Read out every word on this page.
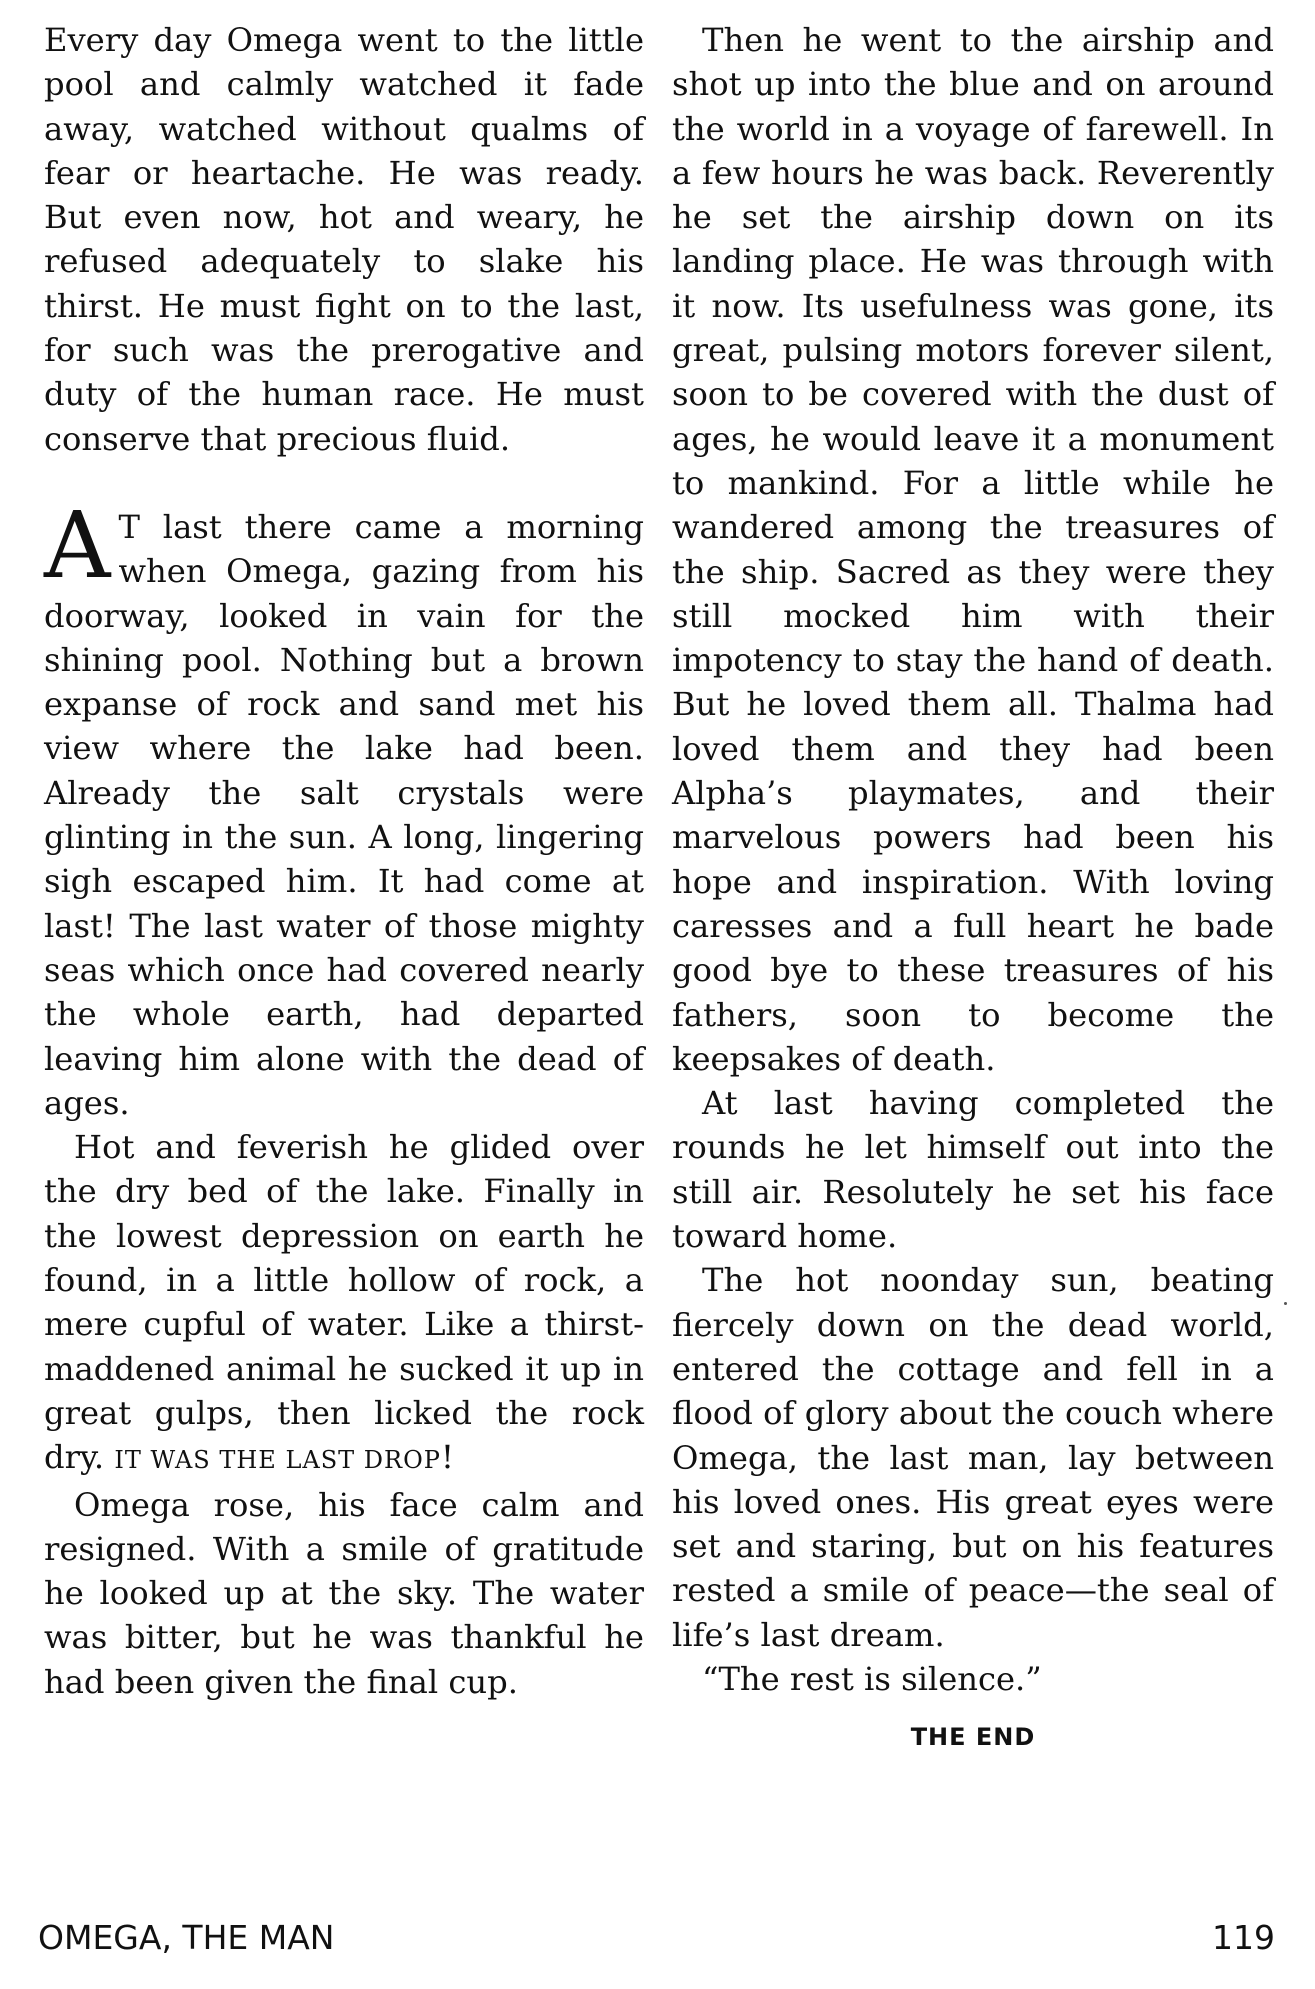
Every day Omega went to the little pool and calmly watched it fade away, watched without qualms of fear or heartache. He was ready. But even now, hot and weary, he refused adequately to slake his thirst. He must fight on to the last, for such was the prerogative and duty of the human race. He must conserve that precious fluid.

A T last there came a morning when Omega, gazing from his doorway, looked in vain for the shining pool. Nothing but a brown expanse of rock and sand met his view where the lake had been. Already the salt crystals were glinting in the sun. A long, lingering sigh escaped him. It had come at last! The last water of those mighty seas which once had covered nearly the whole earth, had departed leaving him alone with the dead of ages.

Hot and feverish he glided over the dry bed of the lake. Finally in the lowest depression on earth he found, in a little hollow of rock, a mere cupful of water. Like a thirst-maddened animal he sucked it up in great gulps, then licked the rock dry. IT WAS THE LAST DROP!

Omega rose, his face calm and resigned. With a smile of gratitude he looked up at the sky. The water was bitter, but he was thankful he had been given the final cup.

Then he went to the airship and shot up into the blue and on around the world in a voyage of farewell. In a few hours he was back. Reverently he set the airship down on its landing place. He was through with it now. Its usefulness was gone, its great, pulsing motors forever silent, soon to be covered with the dust of ages, he would leave it a monument to mankind. For a little while he wandered among the treasures of the ship. Sacred as they were they still mocked him with their impotency to stay the hand of death. But he loved them all. Thalma had loved them and they had been Alpha’s playmates, and their marvelous powers had been his hope and inspiration. With loving caresses and a full heart he bade good bye to these treasures of his fathers, soon to become the keepsakes of death.

At last having completed the rounds he let himself out into the still air. Resolutely he set his face toward home.

The hot noonday sun, beating fiercely down on the dead world, entered the cottage and fell in a flood of glory about the couch where Omega, the last man, lay between his loved ones. His great eyes were set and staring, but on his features rested a smile of peace—the seal of life’s last dream.

“The rest is silence.”

THE END
OMEGA, THE MAN	119
